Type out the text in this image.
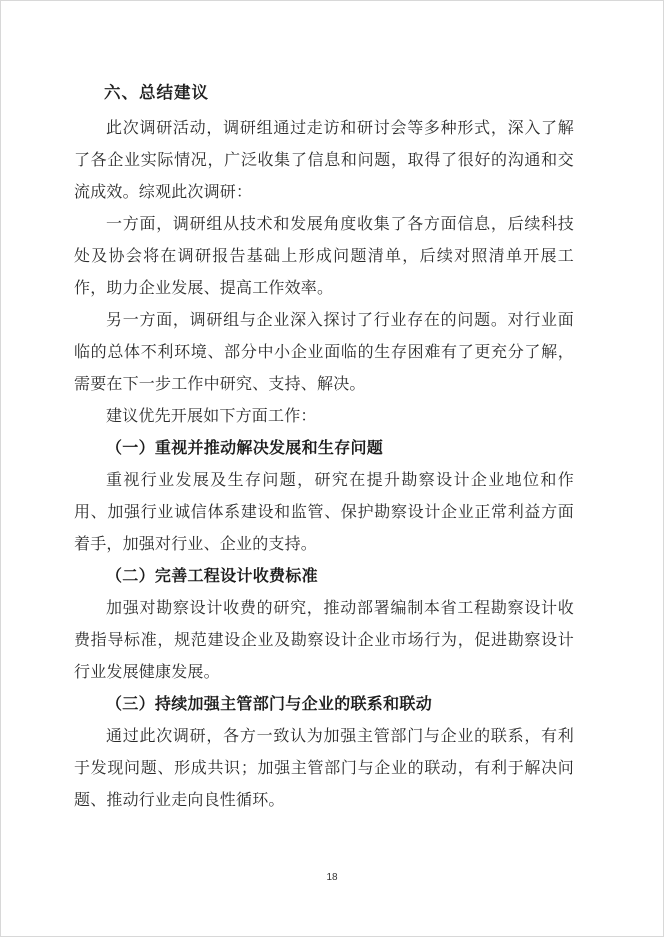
六、总结建议

此次调研活动，调研组通过走访和研讨会等多种形式，深入了解了各企业实际情况，广泛收集了信息和问题，取得了很好的沟通和交流成效。综观此次调研：

一方面，调研组从技术和发展角度收集了各方面信息，后续科技处及协会将在调研报告基础上形成问题清单，后续对照清单开展工作，助力企业发展、提高工作效率。

另一方面，调研组与企业深入探讨了行业存在的问题。对行业面临的总体不利环境、部分中小企业面临的生存困难有了更充分了解，需要在下一步工作中研究、支持、解决。

建议优先开展如下方面工作：

（一）重视并推动解决发展和生存问题

重视行业发展及生存问题，研究在提升勘察设计企业地位和作用、加强行业诚信体系建设和监管、保护勘察设计企业正常利益方面着手，加强对行业、企业的支持。

（二）完善工程设计收费标准

加强对勘察设计收费的研究，推动部署编制本省工程勘察设计收费指导标准，规范建设企业及勘察设计企业市场行为，促进勘察设计行业发展健康发展。

（三）持续加强主管部门与企业的联系和联动

通过此次调研，各方一致认为加强主管部门与企业的联系，有利于发现问题、形成共识；加强主管部门与企业的联动，有利于解决问题、推动行业走向良性循环。

18
